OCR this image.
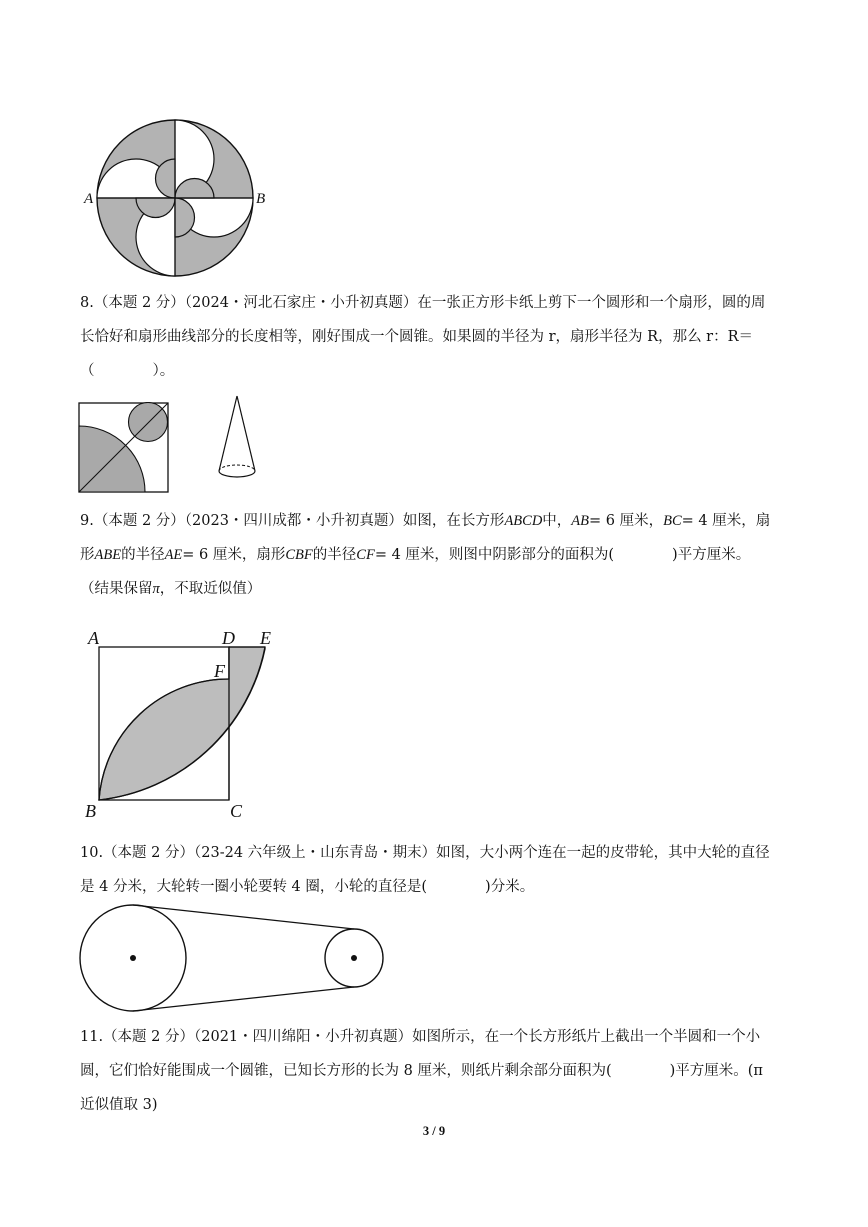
A	B

8.（本题 2 分）（2024・河北石家庄・小升初真题）在一张正方形卡纸上剪下一个圆形和一个扇形，圆的周

长恰好和扇形曲线部分的长度相等，刚好围成一个圆锥。如果圆的半径为 r，扇形半径为 R，那么 r：R＝

（　　　　）。

9.（本题 2 分）（2023・四川成都・小升初真题）如图，在长方形ABCD中，AB= 6 厘米，BC= 4 厘米，扇

形ABE的半径AE= 6 厘米，扇形CBF的半径CF= 4 厘米，则图中阴影部分的面积为(　　　　)平方厘米。

（结果保留π，不取近似值）

A	D E
F
B	C

10.（本题 2 分）（23-24 六年级上・山东青岛・期末）如图，大小两个连在一起的皮带轮，其中大轮的直径

是 4 分米，大轮转一圈小轮要转 4 圈，小轮的直径是(　　　　)分米。

11.（本题 2 分）（2021・四川绵阳・小升初真题）如图所示，在一个长方形纸片上截出一个半圆和一个小

圆，它们恰好能围成一个圆锥，已知长方形的长为 8 厘米，则纸片剩余部分面积为(　　　　)平方厘米。(π

近似值取 3)

3 / 9
